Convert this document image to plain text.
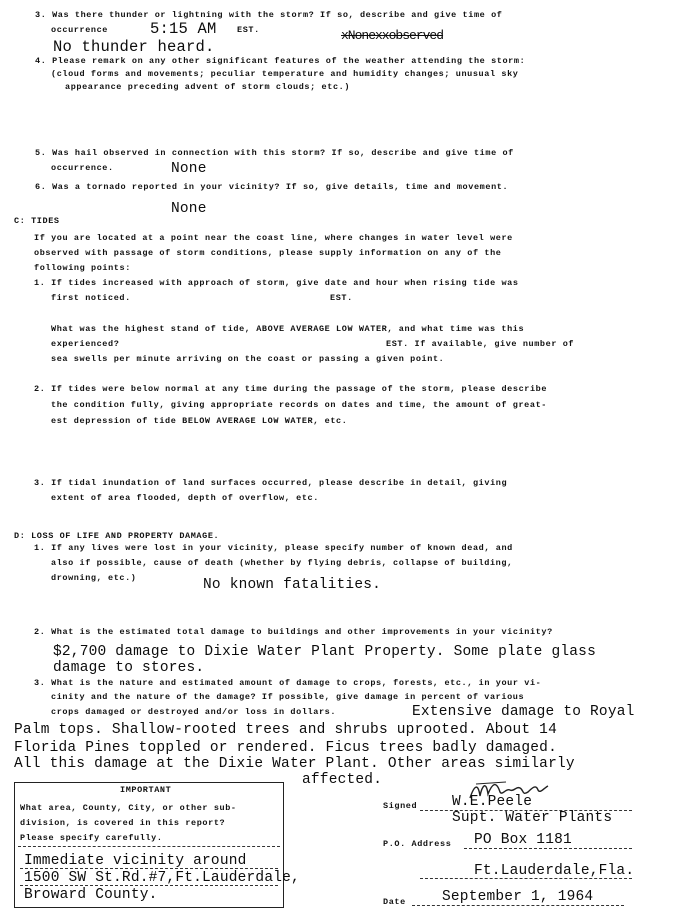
3. Was there thunder or lightning with the storm? If so, describe and give time of
occurrence	5:15 AM EST.	xNonexxobserved
No thunder heard.
4. Please remark on any other significant features of the weather attending the storm:
(cloud forms and movements; peculiar temperature and humidity changes; unusual sky
appearance preceding advent of storm clouds; etc.)
5. Was hail observed in connection with this storm? If so, describe and give time of
occurrence.	None
6. Was a tornado reported in your vicinity? If so, give details, time and movement.
None
C: TIDES
If you are located at a point near the coast line, where changes in water level were
observed with passage of storm conditions, please supply information on any of the
following points:
1. If tides increased with approach of storm, give date and hour when rising tide was
first noticed.	EST.
What was the highest stand of tide, ABOVE AVERAGE LOW WATER, and what time was this
experienced?	EST. If available, give number of
sea swells per minute arriving on the coast or passing a given point.
2. If tides were below normal at any time during the passage of the storm, please describe
the condition fully, giving appropriate records on dates and time, the amount of great-
est depression of tide BELOW AVERAGE LOW WATER, etc.
3. If tidal inundation of land surfaces occurred, please describe in detail, giving
extent of area flooded, depth of overflow, etc.
D: LOSS OF LIFE AND PROPERTY DAMAGE.
1. If any lives were lost in your vicinity, please specify number of known dead, and
also if possible, cause of death (whether by flying debris, collapse of building,
drowning, etc.)	No known fatalities.
2. What is the estimated total damage to buildings and other improvements in your vicinity?
$2,700 damage to Dixie Water Plant Property. Some plate glass
damage to stores.
3. What is the nature and estimated amount of damage to crops, forests, etc., in your vi-
cinity and the nature of the damage? If possible, give damage in percent of various
crops damaged or destroyed and/or loss in dollars.	Extensive damage to Royal
Palm tops. Shallow-rooted trees and shrubs uprooted. About 14
Florida Pines toppled or rendered. Ficus trees badly damaged.
All this damage at the Dixie Water Plant. Other areas similarly
affected.
IMPORTANT
What area, County, City, or other sub-
division, is covered in this report?
Please specify carefully.
Immediate vicinity around
1500 SW St.Rd.#7,Ft.Lauderdale,
Broward County.
Signed W.E.Peele
Supt. Water Plants
P.O. Address PO Box 1181
Ft.Lauderdale,Fla.
Date September 1, 1964
